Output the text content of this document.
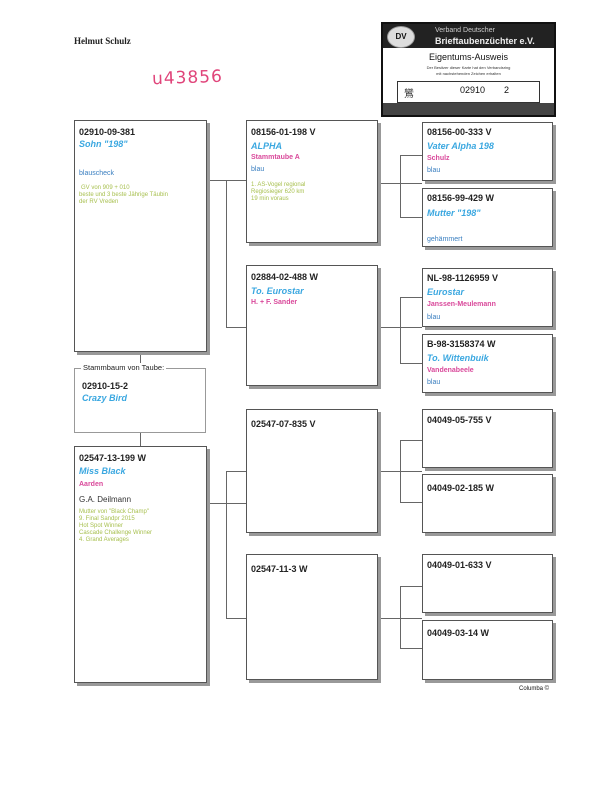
Helmut Schulz
u43856
DV
Verband Deutscher
Brieftaubenzüchter e.V.
Eigentums-Ausweis
Der Besitzer dieser Karte hat den Verbandsring
mit nachstehenden Zeichen erhalten
鸞	02910 2
02910-09-381
Sohn "198"
blauscheck
GV von 909 + 010
beste und 3 beste Jährige Täubin
der RV Vreden
02910-15-2
Crazy Bird
Stammbaum von Taube:
02547-13-199 W
Miss Black
Aarden
G.A. Deilmann
Mutter von "Black Champ"
9. Final Sandpr 2015
Hot Spot Winner
Cascade Challenge Winner
4. Grand Averages
08156-01-198 V
ALPHA
Stammtaube A
blau
1. AS-Vogel regional
Regiosieger 620 km
19 min voraus
02884-02-488 W
To. Eurostar
H. + F. Sander
02547-07-835 V
02547-11-3 W
08156-00-333 V
Vater Alpha 198
Schulz
blau
08156-99-429 W
Mutter "198"
gehämmert
NL-98-1126959 V
Eurostar
Janssen-Meulemann
blau
B-98-3158374 W
To. Wittenbuik
Vandenabeele
blau
04049-05-755 V
04049-02-185 W
04049-01-633 V
04049-03-14 W
Columba ©
